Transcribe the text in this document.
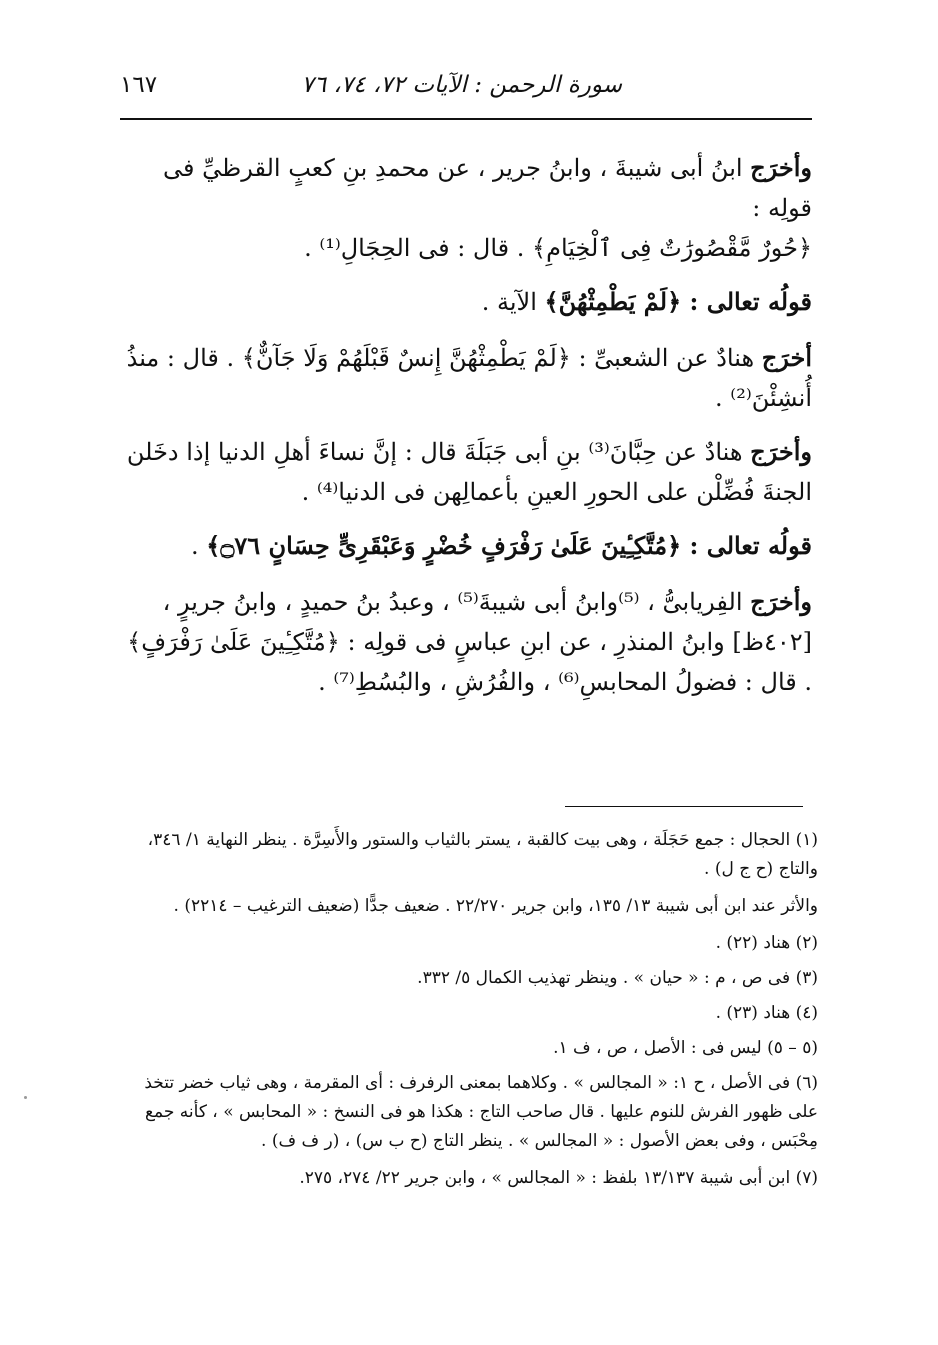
سورة الرحمن : الآيات ٧٢، ٧٤، ٧٦
١٦٧

وأخرَج ابنُ أبى شيبةَ ، وابنُ جرير ، عن محمدِ بنِ كعبٍ القرظيِّ فى قولِه :
﴿حُورٌ مَّقْصُورَٰتٌ فِى ٱلْخِيَامِ﴾ . قال : فى الحِجَالِ⁽¹⁾ .

قولُه تعالى : ﴿لَمْ يَطْمِثْهُنَّ﴾ الآية .

أخرَج هنادٌ عن الشعبىِّ : ﴿لَمْ يَطْمِثْهُنَّ إِنسٌ قَبْلَهُمْ وَلَا جَآنٌّ﴾ . قال : منذُ أُنشِئْنَ⁽²⁾ .

وأخرَج هنادٌ عن حِبَّانَ⁽³⁾ بنِ أبى جَبَلَةَ قال : إنَّ نساءَ أهلِ الدنيا إذا دخَلن الجنةَ فُضِّلْن على الحورِ العينِ بأعمالِهن فى الدنيا⁽⁴⁾ .

قولُه تعالى : ﴿مُتَّكِـِٔينَ عَلَىٰ رَفْرَفٍ خُضْرٍ وَعَبْقَرِىٍّ حِسَانٍ ۝٧٦﴾ .

وأخرَج الفِريابىُّ ، ⁽⁵⁾وابنُ أبى شيبةَ⁽⁵⁾ ، وعبدُ بنُ حميدٍ ، وابنُ جريرٍ ، [٤٠٢ظ] وابنُ المنذرِ ، عن ابنِ عباسٍ فى قولِه : ﴿مُتَّكِـِٔينَ عَلَىٰ رَفْرَفٍ﴾ . قال : فضولُ المحابسِ⁽⁶⁾ ، والفُرُشِ ، والبُسُطِ⁽⁷⁾ .

(١) الحجال : جمع حَجَلَة ، وهى بيت كالقبة ، يستر بالثياب والستور والأَسِرَّة . ينظر النهاية ١/ ٣٤٦، والتاج (ح ج ل) .

والأثر عند ابن أبى شيبة ١٣/ ١٣٥، وابن جرير ٢٢/٢٧٠ . ضعيف جدًّا (ضعيف الترغيب – ٢٢١٤) .

(٢) هناد (٢٢) .

(٣) فى ص ، م : « حيان » . وينظر تهذيب الكمال ٥/ ٣٣٢.

(٤) هناد (٢٣) .

(٥ – ٥) ليس فى : الأصل ، ص ، ف ١.

(٦) فى الأصل ، ح ١: « المجالس » . وكلاهما بمعنى الرفرف : أى المقرمة ، وهى ثياب خضر تتخذ على ظهور الفرش للنوم عليها . قال صاحب التاج : هكذا هو فى النسخ : « المحابس » ، كأنه جمع مِحْبَس ، وفى بعض الأصول : « المجالس » . ينظر التاج (ح ب س) ، (ر ف ف) .

(٧) ابن أبى شيبة ١٣/١٣٧ بلفظ : « المجالس » ، وابن جرير ٢٢/ ٢٧٤، ٢٧٥.
